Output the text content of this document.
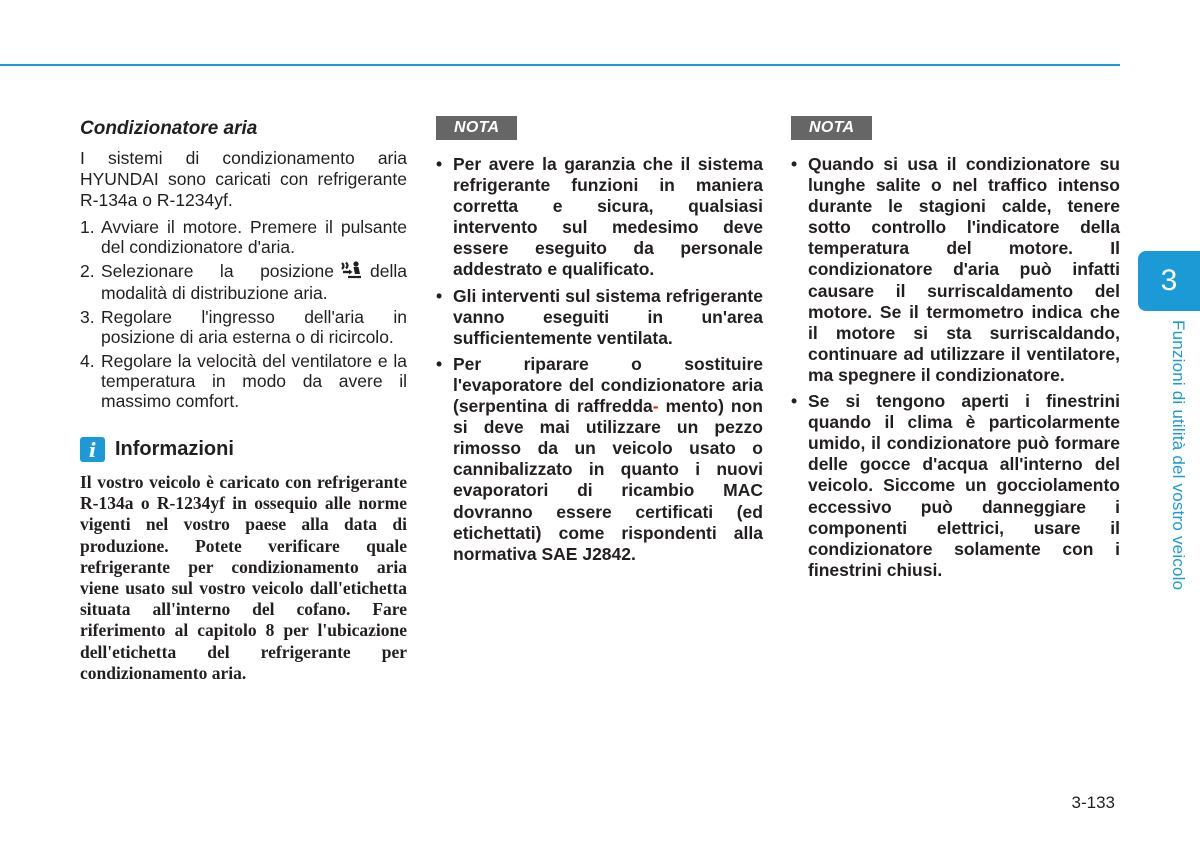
Condizionatore aria

I sistemi di condizionamento aria HYUNDAI sono caricati con refrigerante R-134a o R-1234yf.

1. Avviare il motore. Premere il pulsante del condizionatore d'aria.
2. Selezionare la posizione della modalità di distribuzione aria.
3. Regolare l'ingresso dell'aria in posizione di aria esterna o di ricircolo.
4. Regolare la velocità del ventilatore e la temperatura in modo da avere il massimo comfort.
i Informazioni

Il vostro veicolo è caricato con refrigerante R-134a o R-1234yf in ossequio alle norme vigenti nel vostro paese alla data di produzione. Potete verificare quale refrigerante per condizionamento aria viene usato sul vostro veicolo dall'etichetta situata all'interno del cofano. Fare riferimento al capitolo 8 per l'ubicazione dell'etichetta del refrigerante per condizionamento aria.

NOTA
• Per avere la garanzia che il sistema refrigerante funzioni in maniera corretta e sicura, qualsiasi intervento sul medesimo deve essere eseguito da personale addestrato e qualificato.
• Gli interventi sul sistema refrigerante vanno eseguiti in un'area sufficientemente ventilata.
• Per riparare o sostituire l'evaporatore del condizionatore aria (serpentina di raffredda- mento) non si deve mai utilizzare un pezzo rimosso da un veicolo usato o cannibalizzato in quanto i nuovi evaporatori di ricambio MAC dovranno essere certificati (ed etichettati) come rispondenti alla normativa SAE J2842.
NOTA
• Quando si usa il condizionatore su lunghe salite o nel traffico intenso durante le stagioni calde, tenere sotto controllo l'indicatore della temperatura del motore. Il condizionatore d'aria può infatti causare il surriscaldamento del motore. Se il termometro indica che il motore si sta surriscaldando, continuare ad utilizzare il ventilatore, ma spegnere il condizionatore.
• Se si tengono aperti i finestrini quando il clima è particolarmente umido, il condizionatore può formare delle gocce d'acqua all'interno del veicolo. Siccome un gocciolamento eccessivo può danneggiare i componenti elettrici, usare il condizionatore solamente con i finestrini chiusi.
3
Funzioni di utilità del vostro veicolo
3-133
